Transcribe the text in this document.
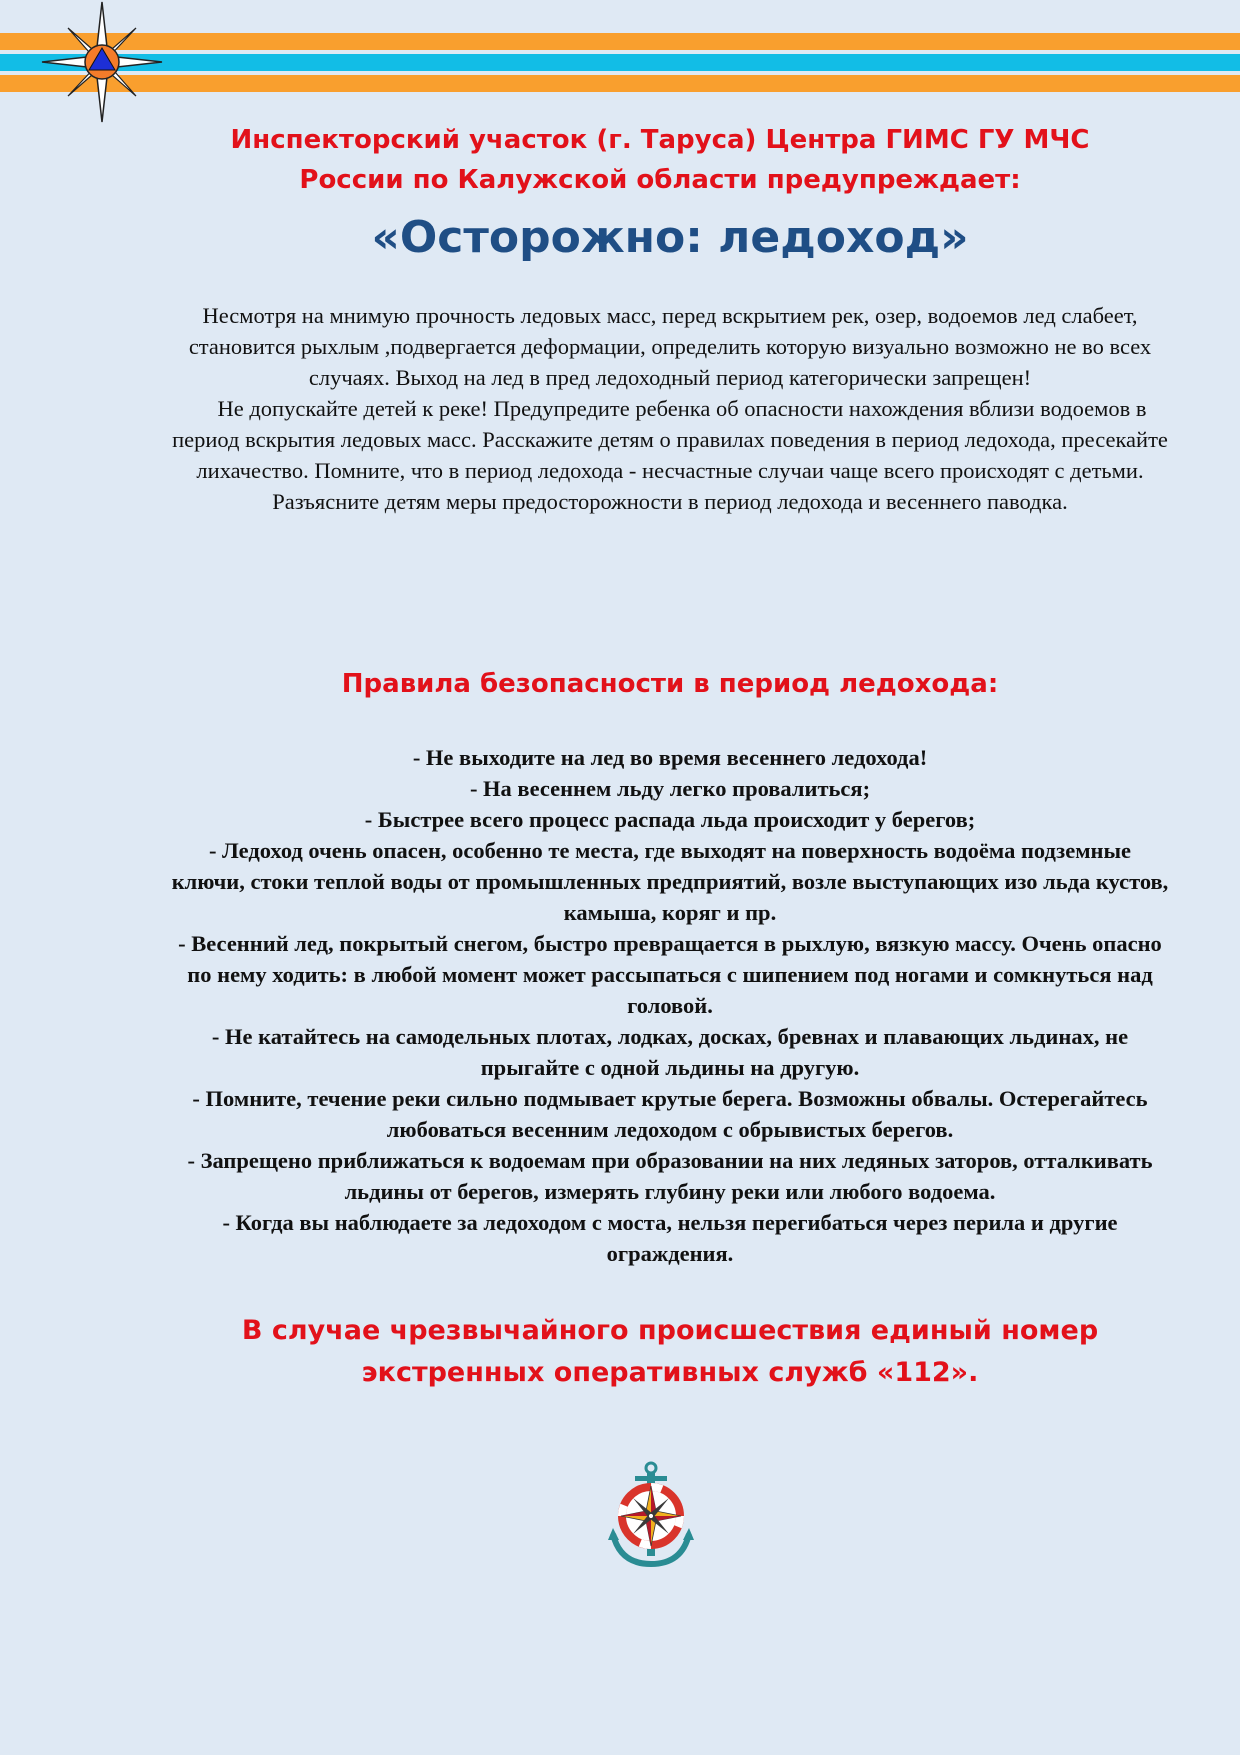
Инспекторский участок (г. Таруса) Центра ГИМС ГУ МЧС
России по Калужской области предупреждает:
«Осторожно: ледоход»

Несмотря на мнимую прочность ледовых масс, перед вскрытием рек, озер, водоемов лед слабеет, становится рыхлым ,подвергается деформации, определить которую визуально возможно не во всех случаях. Выход на лед в пред ледоходный период категорически запрещен!

Не допускайте детей к реке! Предупредите ребенка об опасности нахождения вблизи водоемов в период вскрытия ледовых масс. Расскажите детям о правилах поведения в период ледохода, пресекайте лихачество. Помните, что в период ледохода - несчастные случаи чаще всего происходят с детьми. Разъясните детям меры предосторожности в период ледохода и весеннего паводка.

Правила безопасности в период ледохода:

- Не выходите на лед во время весеннего ледохода!

- На весеннем льду легко провалиться;

- Быстрее всего процесс распада льда происходит у берегов;

- Ледоход очень опасен, особенно те места, где выходят на поверхность водоёма подземные ключи, стоки теплой воды от промышленных предприятий, возле выступающих изо льда кустов, камыша, коряг и пр.

- Весенний лед, покрытый снегом, быстро превращается в рыхлую, вязкую массу. Очень опасно по нему ходить: в любой момент может рассыпаться с шипением под ногами и сомкнуться над головой.

- Не катайтесь на самодельных плотах, лодках, досках, бревнах и плавающих льдинах, не прыгайте с одной льдины на другую.

- Помните, течение реки сильно подмывает крутые берега. Возможны обвалы. Остерегайтесь любоваться весенним ледоходом с обрывистых берегов.

- Запрещено приближаться к водоемам при образовании на них ледяных заторов, отталкивать льдины от берегов, измерять глубину реки или любого водоема.

- Когда вы наблюдаете за ледоходом с моста, нельзя перегибаться через перила и другие ограждения.

В случае чрезвычайного происшествия единый номер
экстренных оперативных служб «112».
